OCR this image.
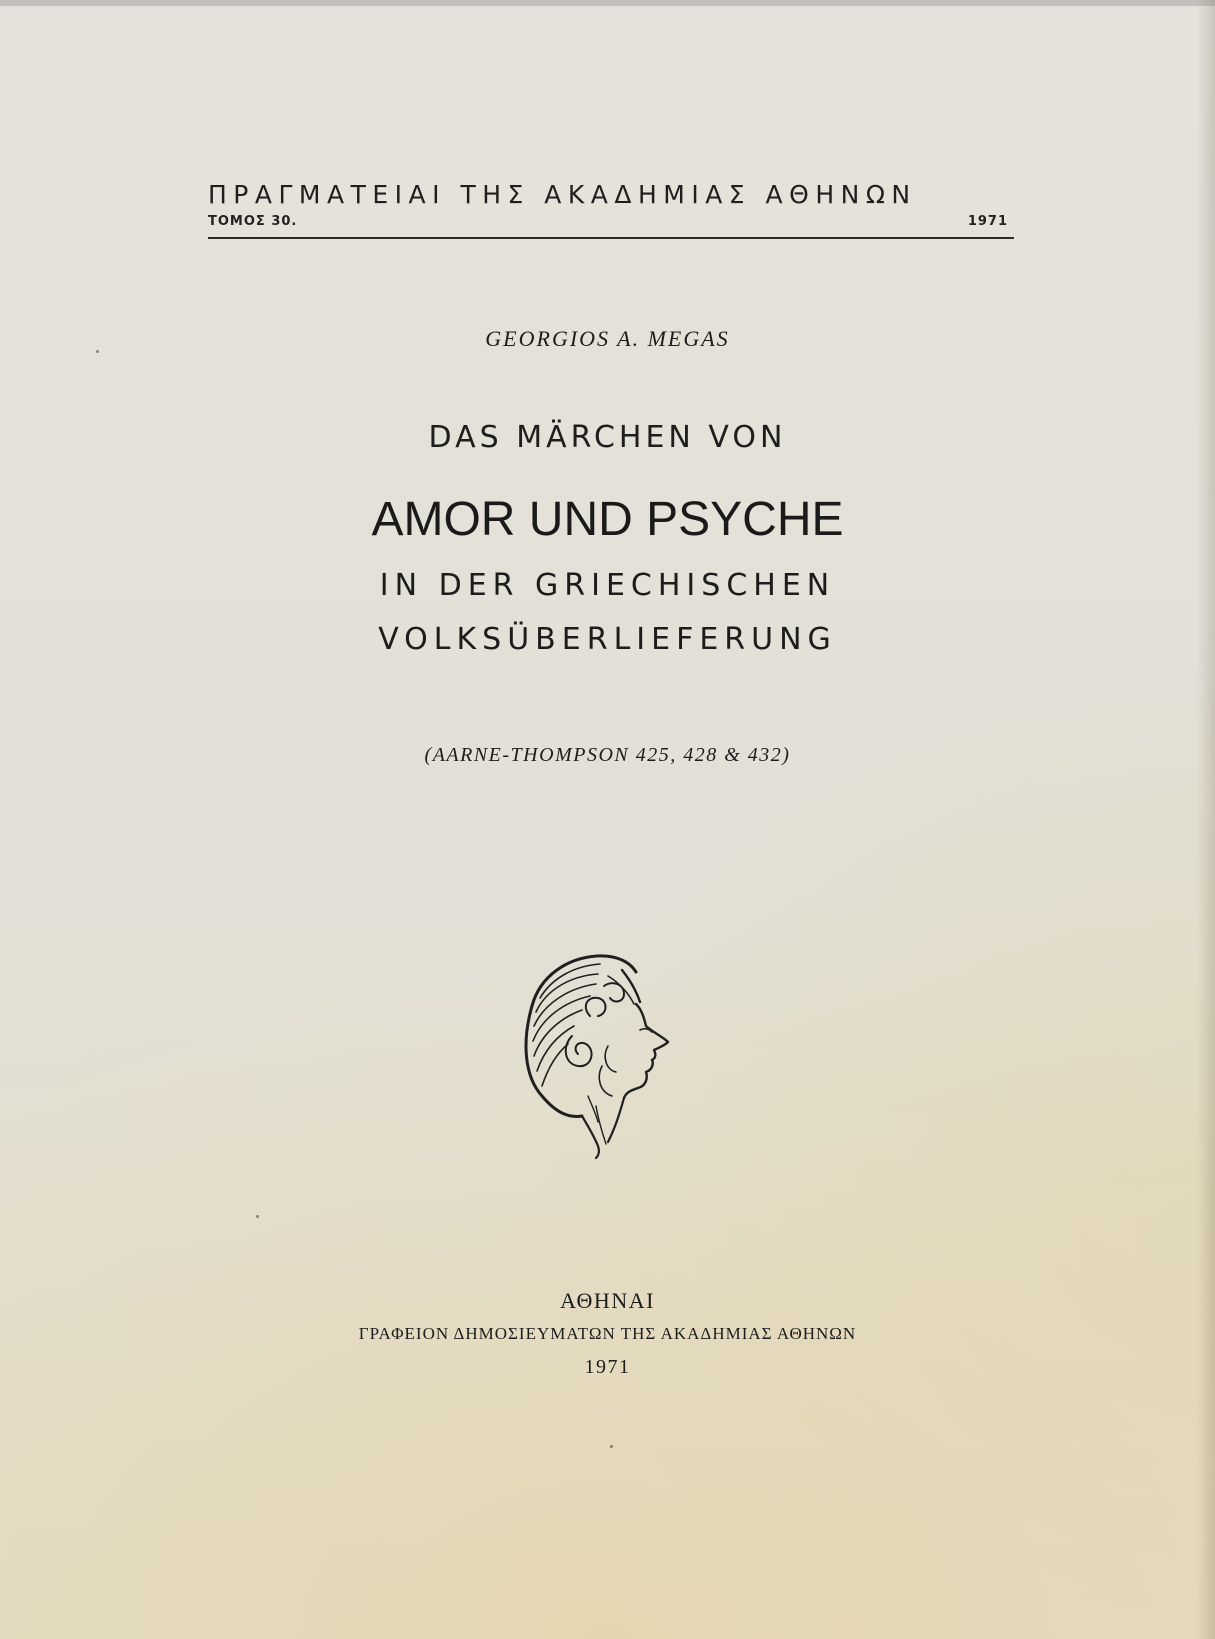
ΠΡΑΓΜΑΤΕΙΑΙ ΤΗΣ ΑΚΑΔΗΜΙΑΣ ΑΘΗΝΩΝ
ΤΟΜΟΣ 30.	1971
GEORGIOS A. MEGAS
DAS MÄRCHEN VON
AMOR UND PSYCHE
IN DER GRIECHISCHEN
VOLKSÜBERLIEFERUNG
(AARNE-THOMPSON 425, 428 & 432)
ΑΘΗΝΑΙ
ΓΡΑΦΕΙΟΝ ΔΗΜΟΣΙΕΥΜΑΤΩΝ ΤΗΣ ΑΚΑΔΗΜΙΑΣ ΑΘΗΝΩΝ
1971
